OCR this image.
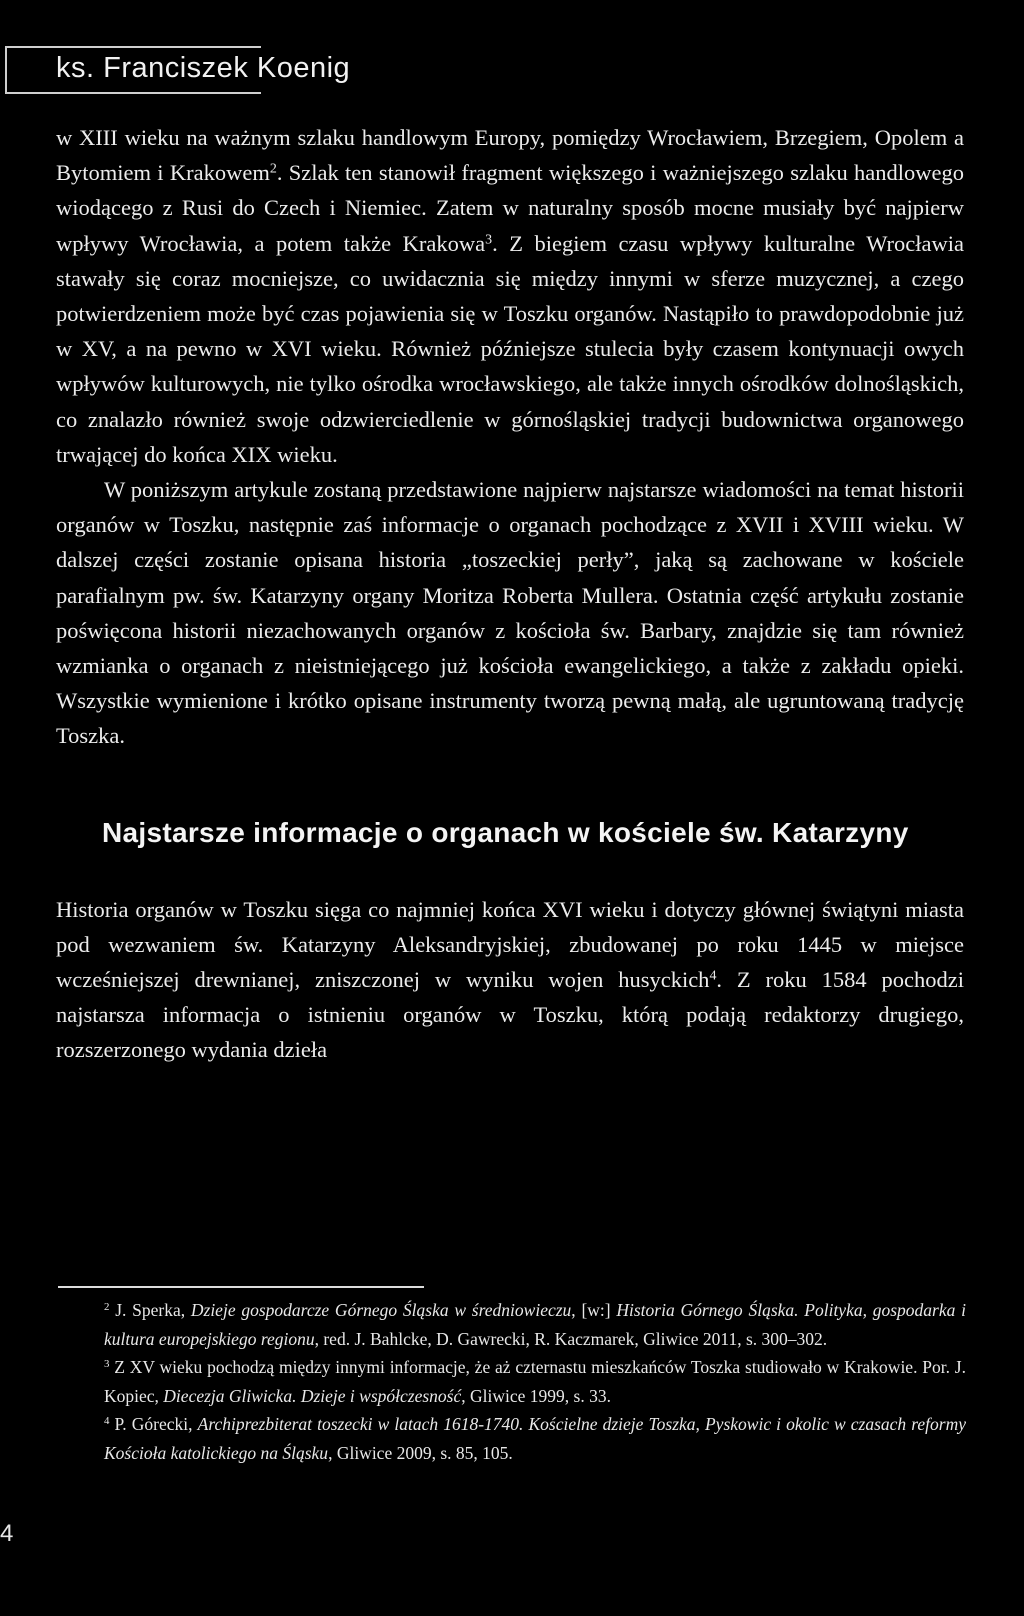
ks. Franciszek Koenig

w XIII wieku na ważnym szlaku handlowym Europy, pomiędzy Wrocławiem, Brzegiem, Opolem a Bytomiem i Krakowem$^2$. Szlak ten stanowił fragment większego i ważniejszego szlaku handlowego wiodącego z Rusi do Czech i Niemiec. Zatem w naturalny sposób mocne musiały być najpierw wpływy Wrocławia, a potem także Krakowa$^3$. Z biegiem czasu wpływy kulturalne Wrocławia stawały się coraz mocniejsze, co uwidacznia się między innymi w sferze muzycznej, a czego potwierdzeniem może być czas pojawienia się w Toszku organów. Nastąpiło to prawdopodobnie już w XV, a na pewno w XVI wieku. Również późniejsze stulecia były czasem kontynuacji owych wpływów kulturowych, nie tylko ośrodka wrocławskiego, ale także innych ośrodków dolnośląskich, co znalazło również swoje odzwierciedlenie w górnośląskiej tradycji budownictwa organowego trwającej do końca XIX wieku.

W poniższym artykule zostaną przedstawione najpierw najstarsze wiadomości na temat historii organów w Toszku, następnie zaś informacje o organach pochodzące z XVII i XVIII wieku. W dalszej części zostanie opisana historia „toszeckiej perły”, jaką są zachowane w kościele parafialnym pw. św. Katarzyny organy Moritza Roberta Mullera. Ostatnia część artykułu zostanie poświęcona historii niezachowanych organów z kościoła św. Barbary, znajdzie się tam również wzmianka o organach z nieistniejącego już kościoła ewangelickiego, a także z zakładu opieki. Wszystkie wymienione i krótko opisane instrumenty tworzą pewną małą, ale ugruntowaną tradycję Toszka.

Najstarsze informacje o organach w kościele św. Katarzyny

Historia organów w Toszku sięga co najmniej końca XVI wieku i dotyczy głównej świątyni miasta pod wezwaniem św. Katarzyny Aleksandryjskiej, zbudowanej po roku 1445 w miejsce wcześniejszej drewnianej, zniszczonej w wyniku wojen husyckich$^4$. Z roku 1584 pochodzi najstarsza informacja o istnieniu organów w Toszku, którą podają redaktorzy drugiego, rozszerzonego wydania dzieła

$^2$ J. Sperka, Dzieje gospodarcze Górnego Śląska w średniowieczu, [w:] Historia Górnego Śląska. Polityka, gospodarka i kultura europejskiego regionu, red. J. Bahlcke, D. Gawrecki, R. Kaczmarek, Gliwice 2011, s. 300–302.

$^3$ Z XV wieku pochodzą między innymi informacje, że aż czternastu mieszkańców Toszka studiowało w Krakowie. Por. J. Kopiec, Diecezja Gliwicka. Dzieje i współczesność, Gliwice 1999, s. 33.

$^4$ P. Górecki, Archiprezbiterat toszecki w latach 1618-1740. Kościelne dzieje Toszka, Pyskowic i okolic w czasach reformy Kościoła katolickiego na Śląsku, Gliwice 2009, s. 85, 105.

4
